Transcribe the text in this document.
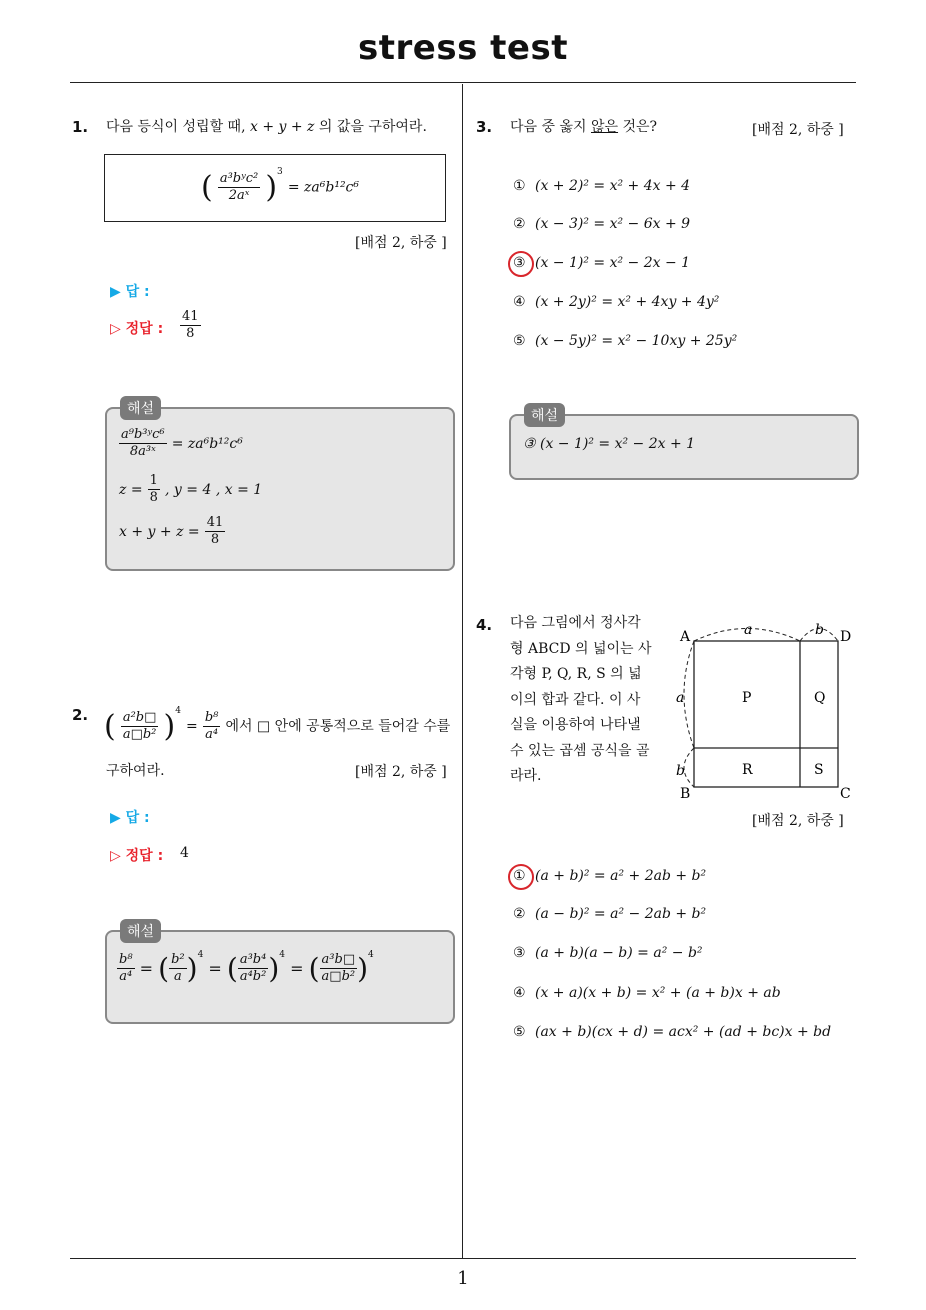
stress test
1
1. 다음 등식이 성립할 때, x + y + z 의 값을 구하여라.
( $\frac{\text{a³bʸc²}}{\text{2aˣ}} )^3 = za^6b^{12}c^6$
[배점 2, 하중 ]
▶ 답 :
▷ 정답 : $\frac{41}{8}$
$\frac{\text{a⁹b³ʸc⁶}}{\text{8a³ˣ}} = za^6b^{12}c^6$
$z = \frac{1}{8}$ , y = 4 , x = 1
$x + y + z = \frac{41}{8}$
해설
2. ( $\frac{\text{a²b□}}{\text{a□b²}} )^4 = \frac{\text{b⁸}}{\text{a⁴}}$ 에서 □ 안에 공통적으로 들어갈 수를
구하여라.	[배점 2, 하중 ]
▶ 답 :
▷ 정답 : 4
$\frac{\text{b⁸}}{\text{a⁴}}$ = ( $\frac{\text{b²}}{a} )^4$ = ( $\frac{\text{a³b⁴}}{\text{a⁴b²}} )^4$ = ( $\frac{\text{a³b□}}{\text{a□b²}} )^4$
해설
3. 다음 중 옳지 않은 것은?	[배점 2, 하중 ]
① (x + 2)² = x² + 4x + 4
② (x − 3)² = x² − 6x + 9
③ (x − 1)² = x² − 2x − 1
④ (x + 2y)² = x² + 4xy + 4y²
⑤ (x − 5y)² = x² − 10xy + 25y²
③ (x − 1)² = x² − 2x + 1
해설
4. 다음 그림에서 정사각
형 ABCD 의 넓이는 사
각형 P, Q, R, S 의 넓
이의 합과 같다. 이 사
실을 이용하여 나타낼
수 있는 곱셈 공식을 골
라라.
A	D
B	C
a	b
a
b
P	Q
R	S
[배점 2, 하중 ]
① (a + b)² = a² + 2ab + b²
② (a − b)² = a² − 2ab + b²
③ (a + b)(a − b) = a² − b²
④ (x + a)(x + b) = x² + (a + b)x + ab
⑤ (ax + b)(cx + d) = acx² + (ad + bc)x + bd
